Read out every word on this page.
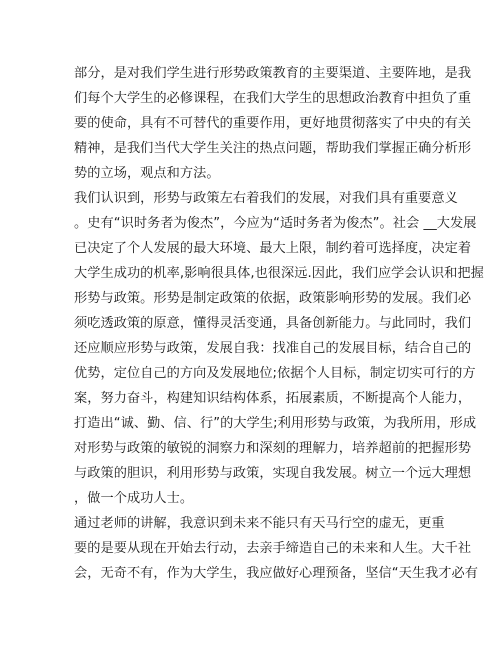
部分，是对我们学生进行形势政策教育的主要渠道、主要阵地，是我
们每个大学生的必修课程，在我们大学生的思想政治教育中担负了重
要的使命，具有不可替代的重要作用，更好地贯彻落实了中央的有关
精神，是我们当代大学生关注的热点问题，帮助我们掌握正确分析形
势的立场，观点和方法。
我们认识到，形势与政策左右着我们的发展，对我们具有重要意义
。史有“识时务者为俊杰”，今应为“适时务者为俊杰”。社会 __大发展
已决定了个人发展的最大环境、最大上限，制约着可选择度，决定着
大学生成功的机率,影响很具体,也很深远.因此，我们应学会认识和把握
形势与政策。形势是制定政策的依据，政策影响形势的发展。我们必
须吃透政策的原意，懂得灵活变通，具备创新能力。与此同时，我们
还应顺应形势与政策，发展自我：找准自己的发展目标，结合自己的
优势，定位自己的方向及发展地位;依据个人目标，制定切实可行的方
案，努力奋斗，构建知识结构体系，拓展素质，不断提高个人能力，
打造出“诚、勤、信、行”的大学生;利用形势与政策，为我所用，形成
对形势与政策的敏锐的洞察力和深刻的理解力，培养超前的把握形势
与政策的胆识，利用形势与政策，实现自我发展。树立一个远大理想
，做一个成功人士。
通过老师的讲解，我意识到未来不能只有天马行空的虚无，更重
要的是要从现在开始去行动，去亲手缔造自己的未来和人生。大千社
会，无奇不有，作为大学生，我应做好心理预备，坚信“天生我才必有
